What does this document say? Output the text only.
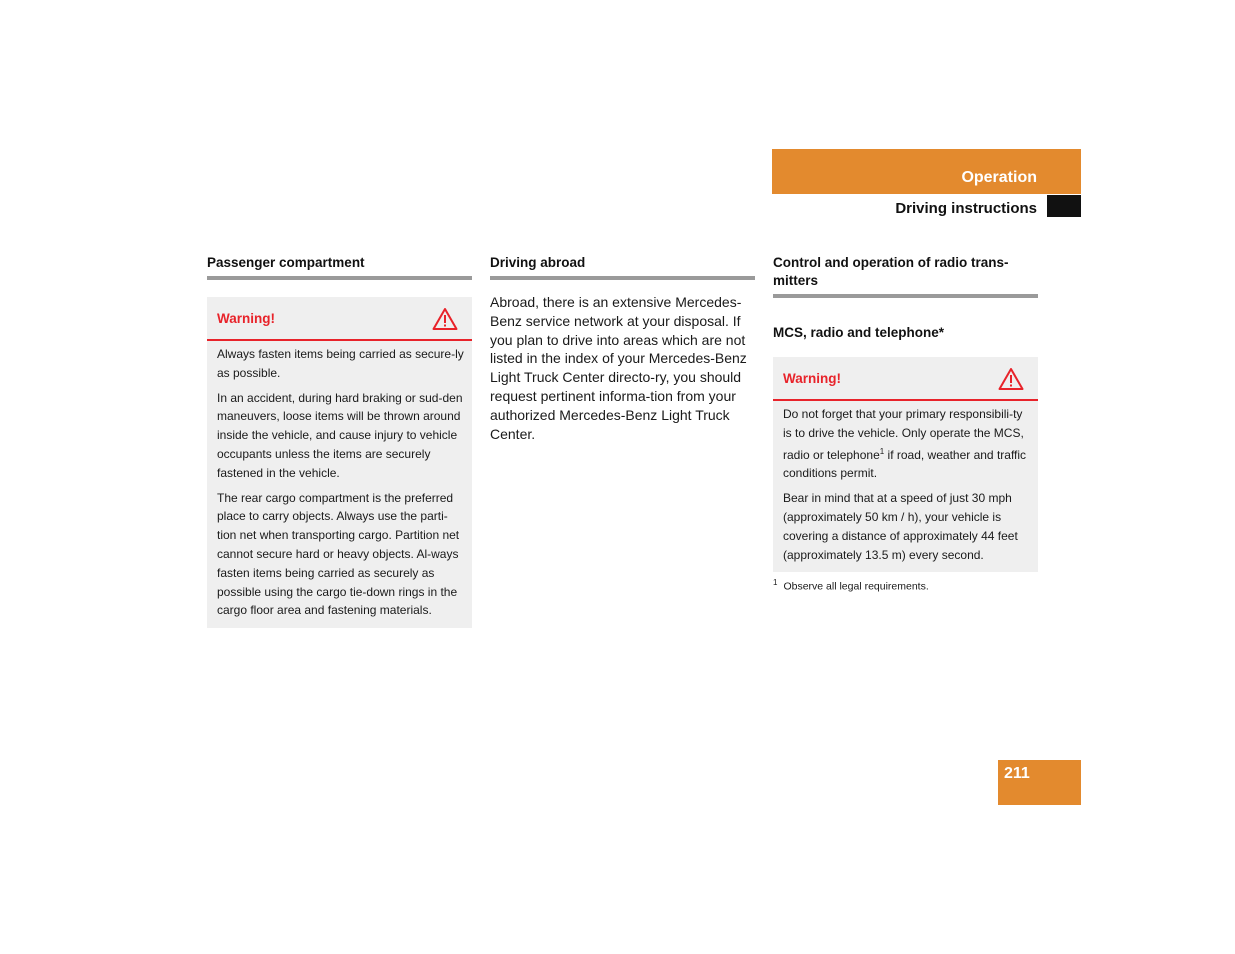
Operation
Driving instructions
Passenger compartment
Warning!

Always fasten items being carried as secure-ly as possible.

In an accident, during hard braking or sud-den maneuvers, loose items will be thrown around inside the vehicle, and cause injury to vehicle occupants unless the items are securely fastened in the vehicle.

The rear cargo compartment is the preferred place to carry objects. Always use the parti-tion net when transporting cargo. Partition net cannot secure hard or heavy objects. Al-ways fasten items being carried as securely as possible using the cargo tie-down rings in the cargo floor area and fastening materials.

Driving abroad
Abroad, there is an extensive Mercedes-Benz service network at your disposal. If you plan to drive into areas which are not listed in the index of your Mercedes-Benz Light Truck Center directo-ry, you should request pertinent informa-tion from your authorized Mercedes-Benz Light Truck Center.
Control and operation of radio trans-mitters
MCS, radio and telephone*
Warning!

Do not forget that your primary responsibili-ty is to drive the vehicle. Only operate the MCS, radio or telephone$^1$ if road, weather and traffic conditions permit.

Bear in mind that at a speed of just 30 mph (approximately 50 km / h), your vehicle is covering a distance of approximately 44 feet (approximately 13.5 m) every second.

$^1$ Observe all legal requirements.
211
